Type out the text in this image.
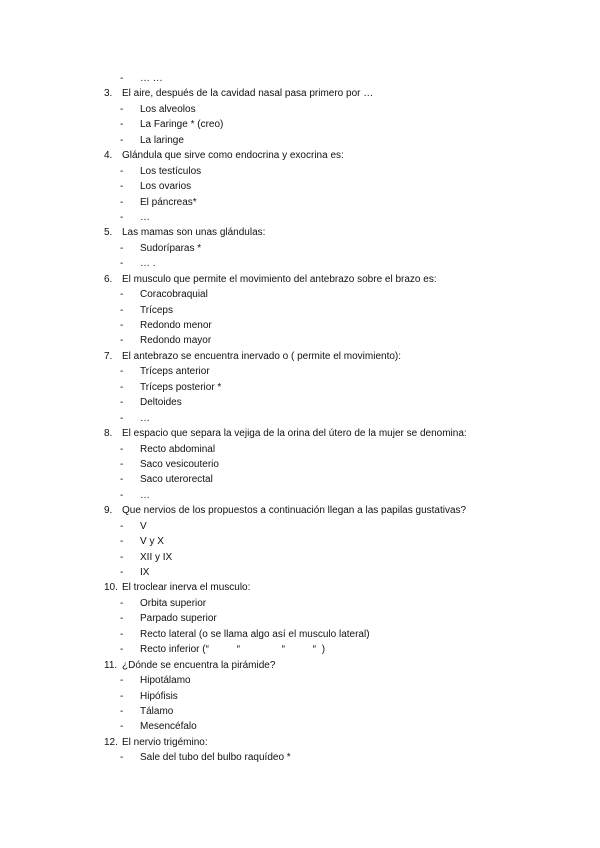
- … …
3. El aire, después de la cavidad nasal pasa primero por …
- Los alveolos
- La Faringe * (creo)
- La laringe
4. Glándula que sirve como endocrina y exocrina es:
- Los testículos
- Los ovarios
- El páncreas*
- …
5. Las mamas son unas glándulas:
- Sudoríparas *
- … .
6. El musculo que permite el movimiento del antebrazo sobre el brazo es:
- Coracobraquial
- Tríceps
- Redondo menor
- Redondo mayor
7. El antebrazo se encuentra inervado o ( permite el movimiento):
- Tríceps anterior
- Tríceps posterior *
- Deltoides
- …
8. El espacio que separa la vejiga de la orina del útero de la mujer se denomina:
- Recto abdominal
- Saco vesicouterio
- Saco uterorectal
- …
9. Que nervios de los propuestos a continuación llegan a las papilas gustativas?
- V
- V y X
- XII y IX
- IX
10. El troclear inerva el musculo:
- Orbita superior
- Parpado superior
- Recto lateral (o se llama algo así el musculo lateral)
- Recto inferior (“          “               “          “  )
11. ¿Dónde se encuentra la pirámide?
- Hipotálamo
- Hipófisis
- Tálamo
- Mesencéfalo
12. El nervio trigémino:
- Sale del tubo del bulbo raquídeo *
